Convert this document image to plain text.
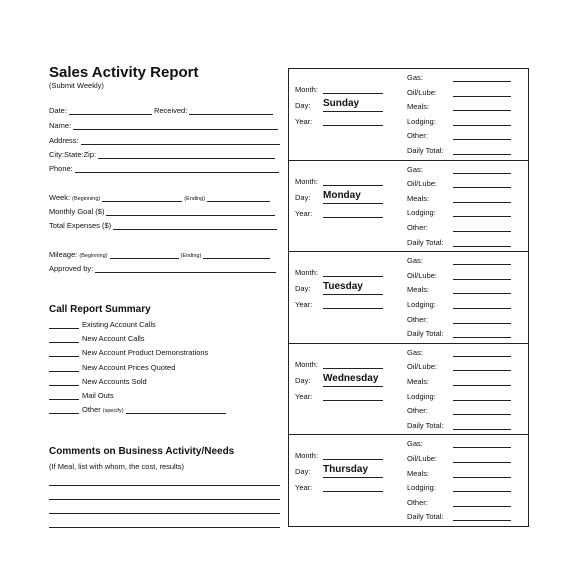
Sales Activity Report
(Submit Weekly)
Date:	Received:
Name:
Address:
City:State:Zip:
Phone:
Week: (Beginning)	(Ending)
Monthly Goal ($)
Total Expenses ($)
Mileage: (Beginning)	(Ending)
Approved by:
Call Report Summary
Existing Account Calls
New Account Calls
New Account Product Demonstrations
New Account Prices Quoted
New Accounts Sold
Mail Outs
Other (specify)
Comments on Business Activity/Needs
(If Meal, list with whom, the cost, results)
Month:
Day: Sunday
Year:
Gas:
Oil/Lube:
Meals:
Lodging:
Other:
Daily Total:
Month:
Day: Monday
Year:
Gas:
Oil/Lube:
Meals:
Lodging:
Other:
Daily Total:
Month:
Day: Tuesday
Year:
Gas:
Oil/Lube:
Meals:
Lodging:
Other:
Daily Total:
Month:
Day: Wednesday
Year:
Gas:
Oil/Lube:
Meals:
Lodging:
Other:
Daily Total:
Month:
Day: Thursday
Year:
Gas:
Oil/Lube:
Meals:
Lodging:
Other:
Daily Total:
